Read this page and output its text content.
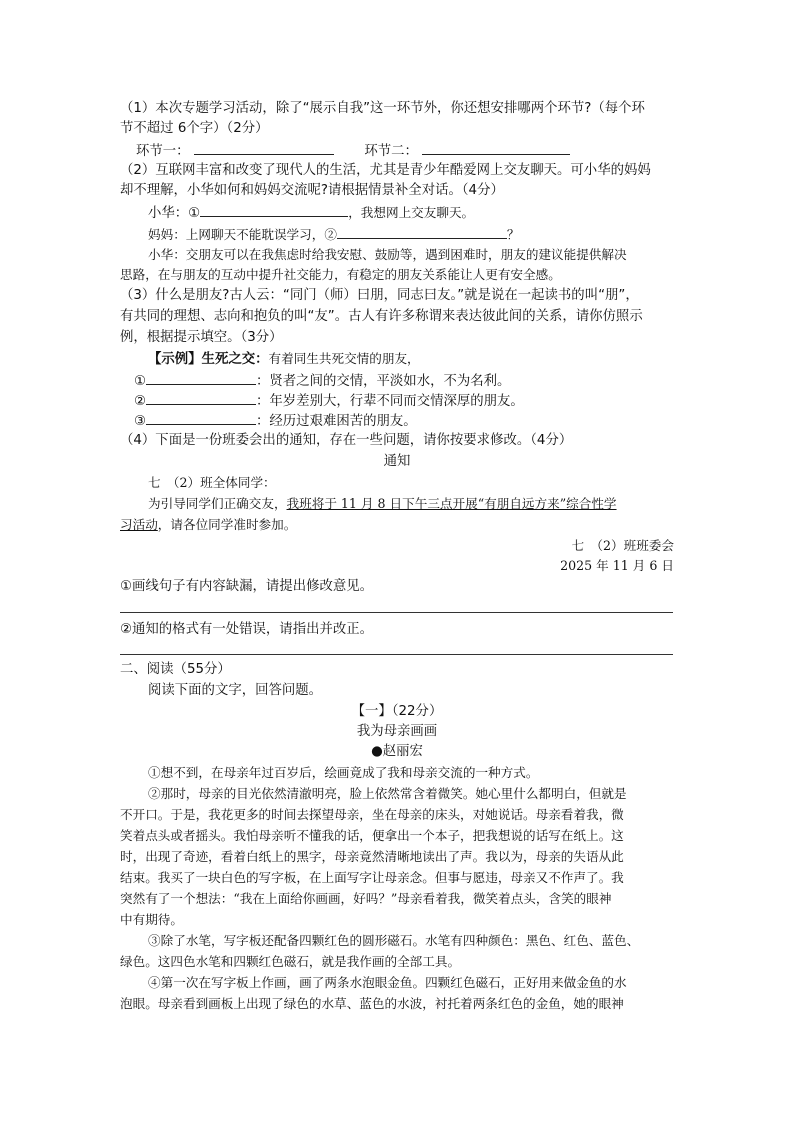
（1）本次专题学习活动，除了“展示自我”这一环节外，你还想安排哪两个环节?（每个环
节不超过 6个字）（2分）
环节一：	环节二：
（2）互联网丰富和改变了现代人的生活，尤其是青少年酷爱网上交友聊天。可小华的妈妈
却不理解，小华如何和妈妈交流呢?请根据情景补全对话。（4分）
小华：①	，我想网上交友聊天。
妈妈：上网聊天不能耽误学习，②	？
小华：交朋友可以在我焦虑时给我安慰、鼓励等，遇到困难时，朋友的建议能提供解决
思路，在与朋友的互动中提升社交能力，有稳定的朋友关系能让人更有安全感。
（3）什么是朋友?古人云：“同门（师）曰朋，同志曰友。”就是说在一起读书的叫“朋”，
有共同的理想、志向和抱负的叫“友”。古人有许多称谓来表达彼此间的关系，请你仿照示
例，根据提示填空。（3分）
【示例】生死之交：有着同生共死交情的朋友，
①	：贤者之间的交情，平淡如水，不为名利。
②	：年岁差别大，行辈不同而交情深厚的朋友。
③	：经历过艰难困苦的朋友。
（4）下面是一份班委会出的通知，存在一些问题，请你按要求修改。（4分）
通知
七　（2）班全体同学：
为引导同学们正确交友，我班将于 11 月 8 日下午三点开展“有朋自远方来”综合性学
习活动，请各位同学准时参加。
七　（2）班班委会
2025 年 11 月 6 日
①画线句子有内容缺漏，请提出修改意见。
②通知的格式有一处错误，请指出并改正。
二、阅读（55分）
阅读下面的文字，回答问题。
【一】（22分）
我为母亲画画
●赵丽宏
①想不到，在母亲年过百岁后，绘画竟成了我和母亲交流的一种方式。
②那时，母亲的目光依然清澈明亮，脸上依然常含着微笑。她心里什么都明白，但就是
不开口。于是，我花更多的时间去探望母亲，坐在母亲的床头，对她说话。母亲看着我，微
笑着点头或者摇头。我怕母亲听不懂我的话，便拿出一个本子，把我想说的话写在纸上。这
时，出现了奇迹，看着白纸上的黑字，母亲竟然清晰地读出了声。我以为，母亲的失语从此
结束。我买了一块白色的写字板，在上面写字让母亲念。但事与愿违，母亲又不作声了。我
突然有了一个想法：“我在上面给你画画，好吗？”母亲看着我，微笑着点头，含笑的眼神
中有期待。
③除了水笔，写字板还配备四颗红色的圆形磁石。水笔有四种颜色：黑色、红色、蓝色、
绿色。这四色水笔和四颗红色磁石，就是我作画的全部工具。
④第一次在写字板上作画，画了两条水泡眼金鱼。四颗红色磁石，正好用来做金鱼的水
泡眼。母亲看到画板上出现了绿色的水草、蓝色的水波，衬托着两条红色的金鱼，她的眼神
